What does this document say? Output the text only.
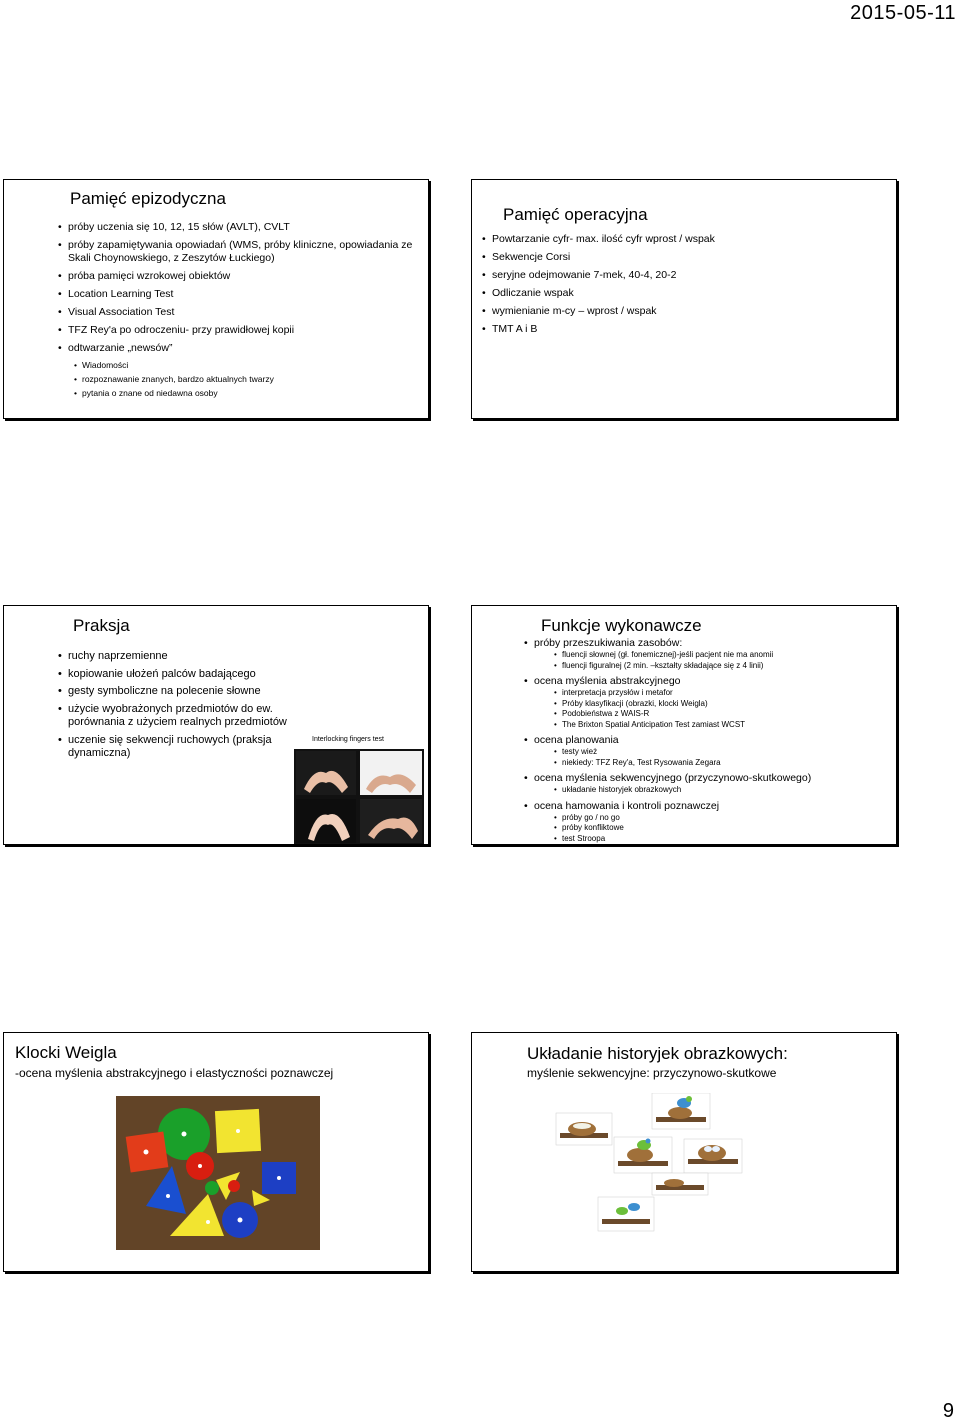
2015-05-11
Pamięć epizodyczna
• próby uczenia się 10, 12, 15 słów (AVLT), CVLT
• próby zapamiętywania opowiadań (WMS, próby kliniczne, opowiadania ze Skali Choynowskiego, z Zeszytów Łuckiego)
• próba pamięci wzrokowej obiektów
• Location Learning Test
• Visual Association Test
• TFZ Rey'a po odroczeniu- przy prawidłowej kopii
• odtwarzanie „newsów”
• Wiadomości
• rozpoznawanie znanych, bardzo aktualnych twarzy
• pytania o znane od niedawna osoby
Pamięć operacyjna
• Powtarzanie cyfr- max. ilość cyfr wprost / wspak
• Sekwencje Corsi
• seryjne odejmowanie 7-mek, 40-4, 20-2
• Odliczanie wspak
• wymienianie m-cy – wprost / wspak
• TMT A i B
Praksja
• ruchy naprzemienne
• kopiowanie ułożeń palców badającego
• gesty symboliczne na polecenie słowne
• użycie wyobrażonych przedmiotów do ew. porównania z użyciem realnych przedmiotów
• uczenie się sekwencji ruchowych (praksja dynamiczna)
Interlocking fingers test
Funkcje wykonawcze
• próby przeszukiwania zasobów:
• fluencji słownej (gł. fonemicznej)-jeśli pacjent nie ma anomii
• fluencji figuralnej (2 min. –kształty składające się z 4 linii)
• ocena myślenia abstrakcyjnego
• interpretacja przysłów i metafor
• Próby klasyfikacji (obrazki, klocki Weigla)
• Podobieństwa z WAIS-R
• The Brixton Spatial Anticipation Test zamiast WCST
• ocena planowania
• testy wież
• niekiedy: TFZ Rey'a, Test Rysowania Zegara
• ocena myślenia sekwencyjnego (przyczynowo-skutkowego)
• układanie historyjek obrazkowych
• ocena hamowania i kontroli poznawczej
• próby go / no go
• próby konfliktowe
• test Stroopa
Klocki Weigla
-ocena myślenia abstrakcyjnego i elastyczności poznawczej
Układanie historyjek obrazkowych:
myślenie sekwencyjne: przyczynowo-skutkowe
9
